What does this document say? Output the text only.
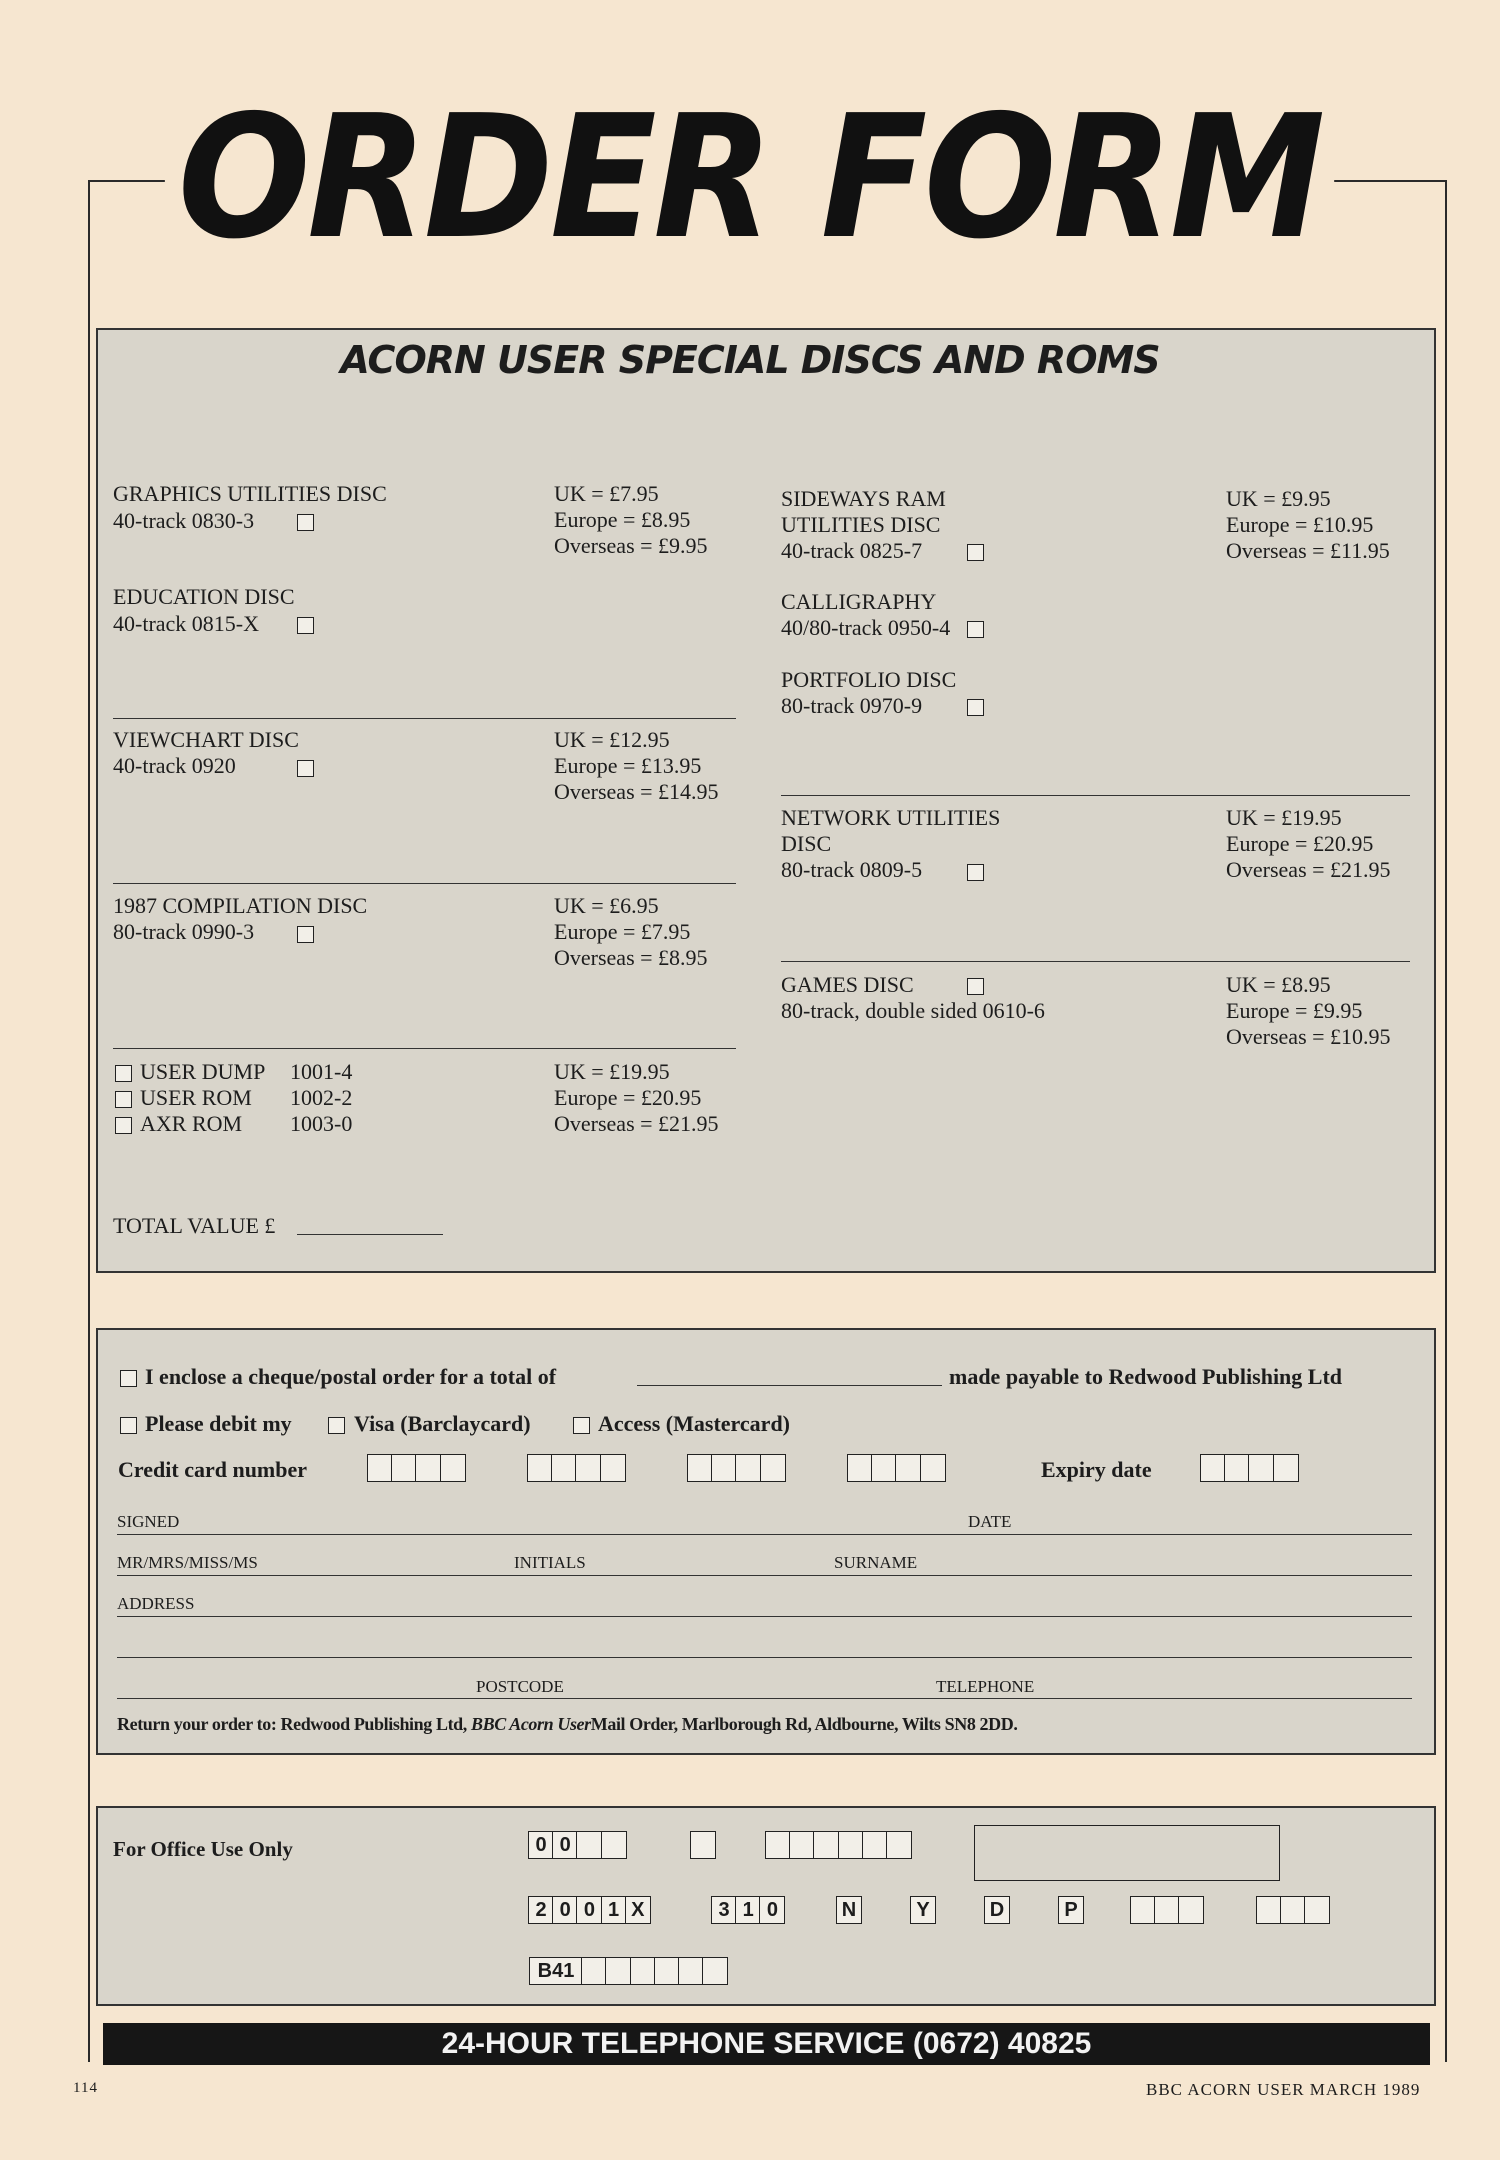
ORDER FORM
ACORN USER SPECIAL DISCS AND ROMS
GRAPHICS UTILITIES DISC
40-track 0830-3
UK = £7.95
Europe = £8.95
Overseas = £9.95
EDUCATION DISC
40-track 0815-X
VIEWCHART DISC
40-track 0920
UK = £12.95
Europe = £13.95
Overseas = £14.95
1987 COMPILATION DISC
80-track 0990-3
UK = £6.95
Europe = £7.95
Overseas = £8.95
USER DUMP 1001-4
USER ROM 1002-2
AXR ROM 1003-0
UK = £19.95
Europe = £20.95
Overseas = £21.95
TOTAL VALUE £
SIDEWAYS RAM
UTILITIES DISC
40-track 0825-7
UK = £9.95
Europe = £10.95
Overseas = £11.95
CALLIGRAPHY
40/80-track 0950-4
PORTFOLIO DISC
80-track 0970-9
NETWORK UTILITIES
DISC
80-track 0809-5
UK = £19.95
Europe = £20.95
Overseas = £21.95
GAMES DISC
80-track, double sided 0610-6
UK = £8.95
Europe = £9.95
Overseas = £10.95
I enclose a cheque/postal order for a total of	made payable to Redwood Publishing Ltd
Please debit my	Visa (Barclaycard)	Access (Mastercard)
Credit card number	Expiry date
SIGNED	DATE
MR/MRS/MISS/MS	INITIALS	SURNAME
ADDRESS
POSTCODE	TELEPHONE
Return your order to: Redwood Publishing Ltd, BBC Acorn UserMail Order, Marlborough Rd, Aldbourne, Wilts SN8 2DD.
For Office Use Only	0 0
2 0 0 1 X	3 1 0	N	Y	D	P
B41
24-HOUR TELEPHONE SERVICE (0672) 40825
114	BBC ACORN USER MARCH 1989
